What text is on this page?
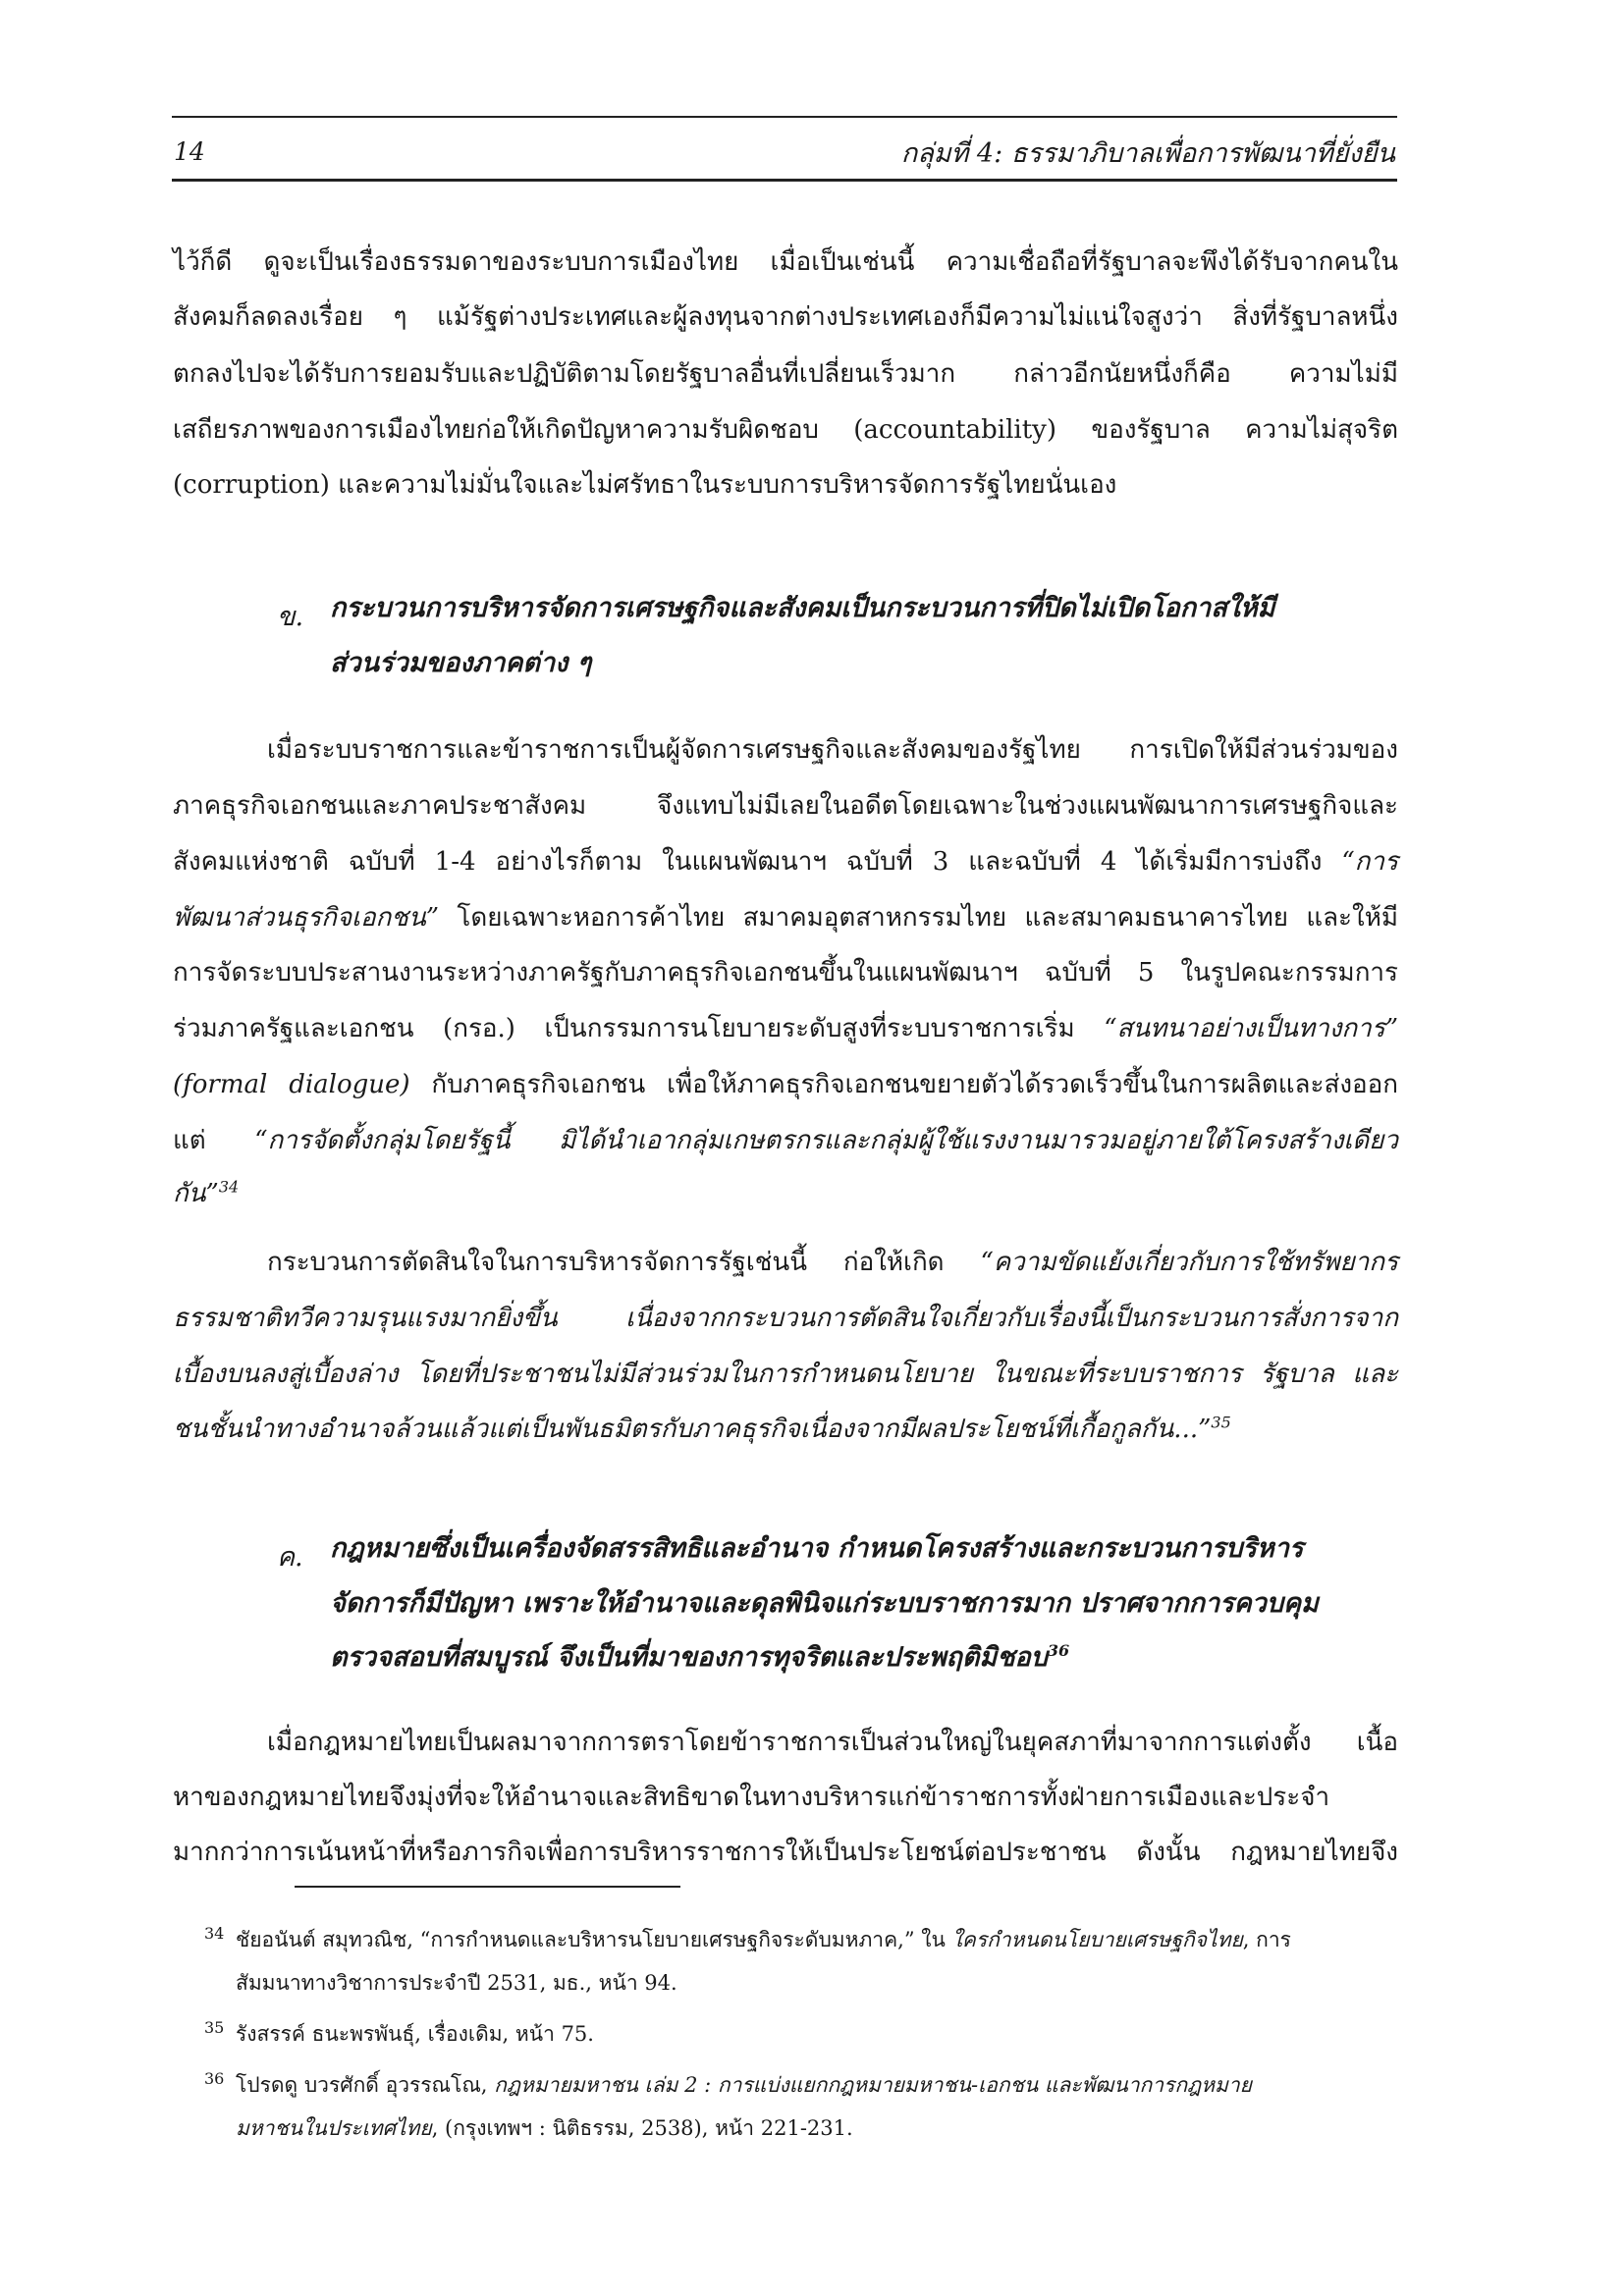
14	กลุ่มที่ 4: ธรรมาภิบาลเพื่อการพัฒนาที่ยั่งยืน
ไว้ก็ดี ดูจะเป็นเรื่องธรรมดาของระบบการเมืองไทย เมื่อเป็นเช่นนี้ ความเชื่อถือที่รัฐบาลจะพึงได้รับจากคนใน
สังคมก็ลดลงเรื่อย ๆ แม้รัฐต่างประเทศและผู้ลงทุนจากต่างประเทศเองก็มีความไม่แน่ใจสูงว่า สิ่งที่รัฐบาลหนึ่ง
ตกลงไปจะได้รับการยอมรับและปฏิบัติตามโดยรัฐบาลอื่นที่เปลี่ยนเร็วมาก กล่าวอีกนัยหนึ่งก็คือ ความไม่มี
เสถียรภาพของการเมืองไทยก่อให้เกิดปัญหาความรับผิดชอบ (accountability) ของรัฐบาล ความไม่สุจริต
(corruption) และความไม่มั่นใจและไม่ศรัทธาในระบบการบริหารจัดการรัฐไทยนั่นเอง
ข. กระบวนการบริหารจัดการเศรษฐกิจและสังคมเป็นกระบวนการที่ปิดไม่เปิดโอกาสให้มี
ส่วนร่วมของภาคต่าง ๆ
เมื่อระบบราชการและข้าราชการเป็นผู้จัดการเศรษฐกิจและสังคมของรัฐไทย การเปิดให้มีส่วนร่วมของ
ภาคธุรกิจเอกชนและภาคประชาสังคม จึงแทบไม่มีเลยในอดีตโดยเฉพาะในช่วงแผนพัฒนาการเศรษฐกิจและ
สังคมแห่งชาติ ฉบับที่ 1-4 อย่างไรก็ตาม ในแผนพัฒนาฯ ฉบับที่ 3 และฉบับที่ 4 ได้เริ่มมีการบ่งถึง “การ
พัฒนาส่วนธุรกิจเอกชน” โดยเฉพาะหอการค้าไทย สมาคมอุตสาหกรรมไทย และสมาคมธนาคารไทย และให้มี
การจัดระบบประสานงานระหว่างภาครัฐกับภาคธุรกิจเอกชนขึ้นในแผนพัฒนาฯ ฉบับที่ 5 ในรูปคณะกรรมการ
ร่วมภาครัฐและเอกชน (กรอ.) เป็นกรรมการนโยบายระดับสูงที่ระบบราชการเริ่ม “สนทนาอย่างเป็นทางการ”
(formal dialogue) กับภาคธุรกิจเอกชน เพื่อให้ภาคธุรกิจเอกชนขยายตัวได้รวดเร็วขึ้นในการผลิตและส่งออก
แต่ “การจัดตั้งกลุ่มโดยรัฐนี้ มิได้นำเอากลุ่มเกษตรกรและกลุ่มผู้ใช้แรงงานมารวมอยู่ภายใต้โครงสร้างเดียว
กัน”$^{34}$
กระบวนการตัดสินใจในการบริหารจัดการรัฐเช่นนี้ ก่อให้เกิด “ความขัดแย้งเกี่ยวกับการใช้ทรัพยากร
ธรรมชาติทวีความรุนแรงมากยิ่งขึ้น เนื่องจากกระบวนการตัดสินใจเกี่ยวกับเรื่องนี้เป็นกระบวนการสั่งการจาก
เบื้องบนลงสู่เบื้องล่าง โดยที่ประชาชนไม่มีส่วนร่วมในการกำหนดนโยบาย ในขณะที่ระบบราชการ รัฐบาล และ
ชนชั้นนำทางอำนาจล้วนแล้วแต่เป็นพันธมิตรกับภาคธุรกิจเนื่องจากมีผลประโยชน์ที่เกื้อกูลกัน...”$^{35}$
ค. กฎหมายซึ่งเป็นเครื่องจัดสรรสิทธิและอำนาจ กำหนดโครงสร้างและกระบวนการบริหาร
จัดการก็มีปัญหา เพราะให้อำนาจและดุลพินิจแก่ระบบราชการมาก ปราศจากการควบคุม
ตรวจสอบที่สมบูรณ์ จึงเป็นที่มาของการทุจริตและประพฤติมิชอบ$^{36}$
เมื่อกฎหมายไทยเป็นผลมาจากการตราโดยข้าราชการเป็นส่วนใหญ่ในยุคสภาที่มาจากการแต่งตั้ง เนื้อ
หาของกฎหมายไทยจึงมุ่งที่จะให้อำนาจและสิทธิขาดในทางบริหารแก่ข้าราชการทั้งฝ่ายการเมืองและประจำ
มากกว่าการเน้นหน้าที่หรือภารกิจเพื่อการบริหารราชการให้เป็นประโยชน์ต่อประชาชน ดังนั้น กฎหมายไทยจึง
34 ชัยอนันต์ สมุทวณิช, “การกำหนดและบริหารนโยบายเศรษฐกิจระดับมหภาค,” ใน ใครกำหนดนโยบายเศรษฐกิจไทย, การ
สัมมนาทางวิชาการประจำปี 2531, มธ., หน้า 94.
35 รังสรรค์ ธนะพรพันธุ์, เรื่องเดิม, หน้า 75.
36 โปรดดู บวรศักดิ์ อุวรรณโณ, กฎหมายมหาชน เล่ม 2 : การแบ่งแยกกฎหมายมหาชน-เอกชน และพัฒนาการกฎหมาย
มหาชนในประเทศไทย, (กรุงเทพฯ : นิติธรรม, 2538), หน้า 221-231.
